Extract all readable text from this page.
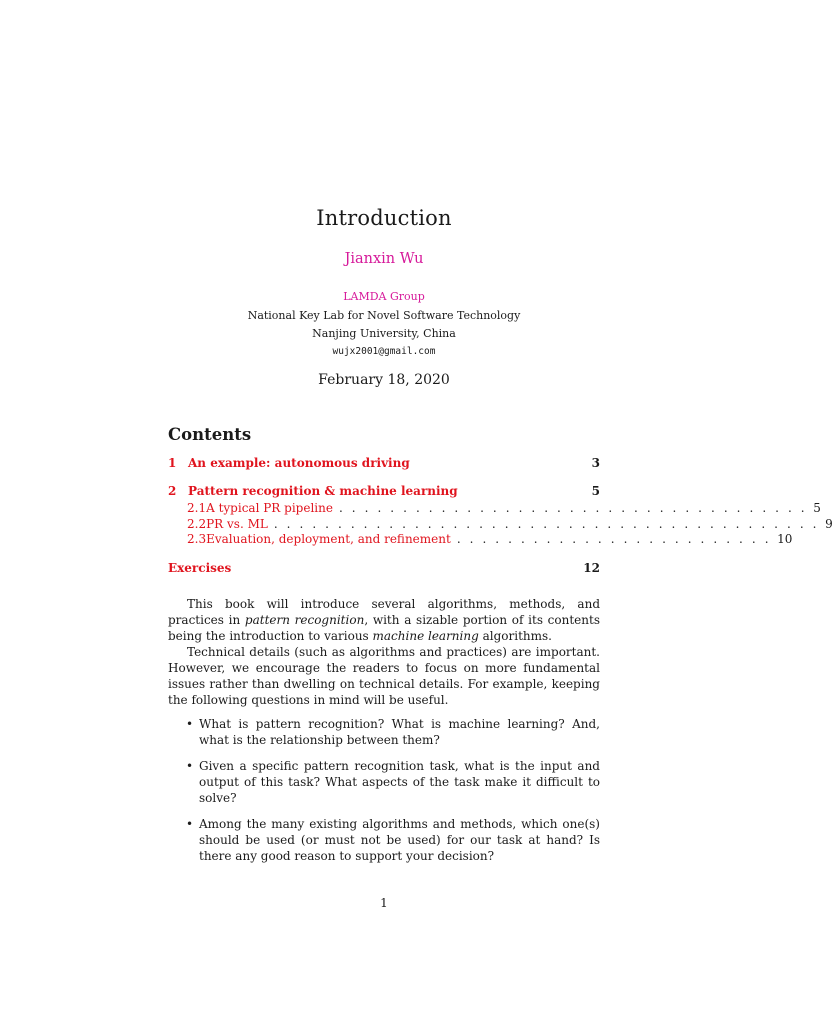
Introduction
Jianxin Wu
LAMDA Group
National Key Lab for Novel Software Technology
Nanjing University, China
wujx2001@gmail.com
February 18, 2020
Contents
1 An example: autonomous driving	3
2 Pattern recognition & machine learning	5
2.1 A typical PR pipeline . . . . . . . . . . . . . . . . . . . . . . . . . . . . . . . . . . . . . 5
2.2 PR vs. ML . . . . . . . . . . . . . . . . . . . . . . . . . . . . . . . . . . . . . . . . . . . 9
2.3 Evaluation, deployment, and refinement . . . . . . . . . . . . . . . . . . . . . . . . . 10
Exercises	12

This book will introduce several algorithms, methods, and practices in pattern recognition, with a sizable portion of its contents being the introduction to various machine learning algorithms.

Technical details (such as algorithms and practices) are important. However, we encourage the readers to focus on more fundamental issues rather than dwelling on technical details. For example, keeping the following questions in mind will be useful.

• What is pattern recognition? What is machine learning? And, what is the relationship between them?
• Given a specific pattern recognition task, what is the input and output of this task? What aspects of the task make it difficult to solve?
• Among the many existing algorithms and methods, which one(s) should be used (or must not be used) for our task at hand? Is there any good reason to support your decision?
1
